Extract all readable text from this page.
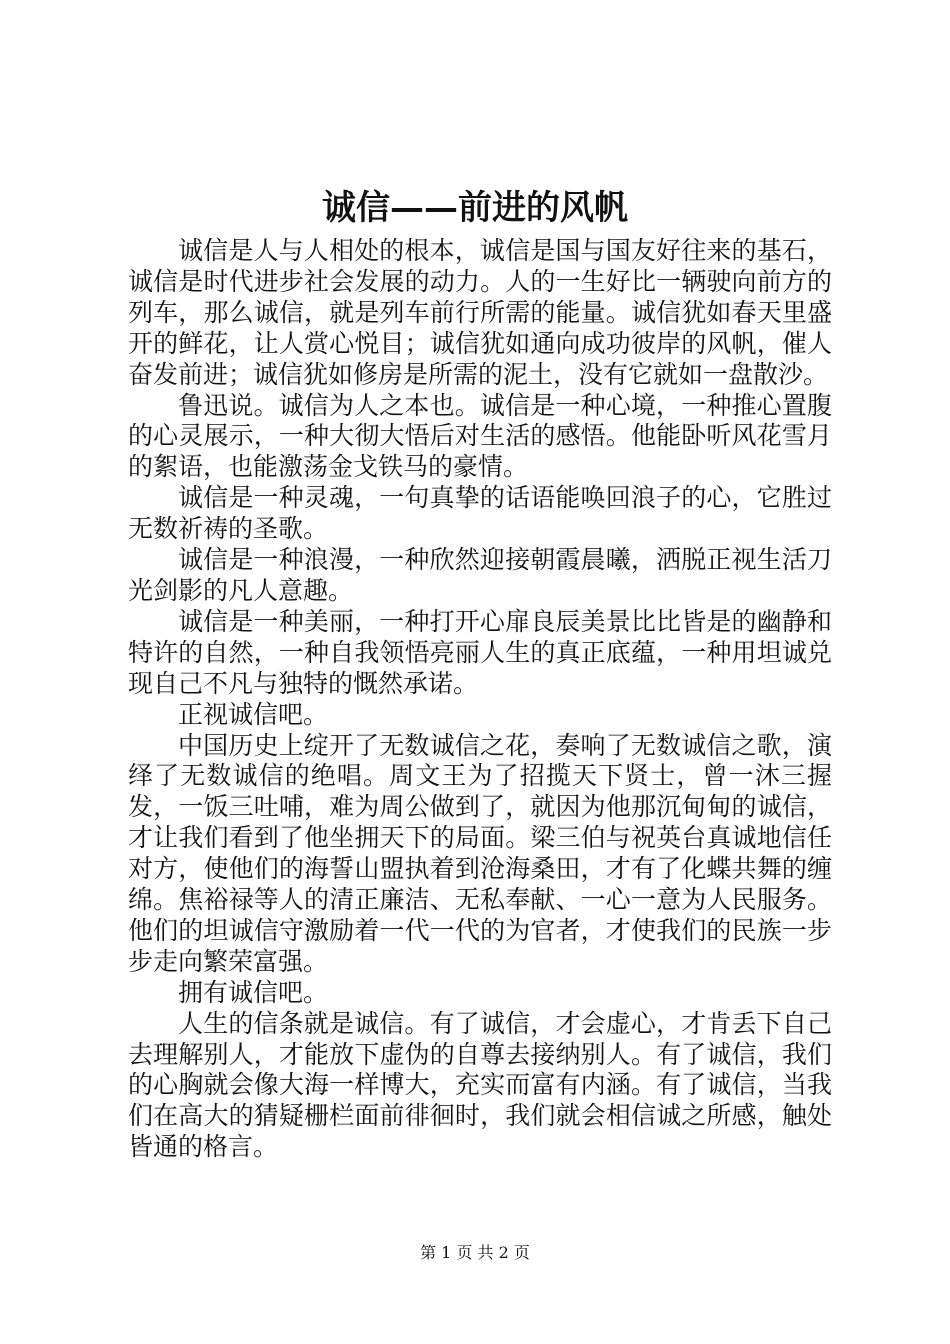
诚信——前进的风帆

诚信是人与人相处的根本，诚信是国与国友好往来的基石，诚信是时代进步社会发展的动力。人的一生好比一辆驶向前方的列车，那么诚信，就是列车前行所需的能量。诚信犹如春天里盛开的鲜花，让人赏心悦目；诚信犹如通向成功彼岸的风帆，催人奋发前进；诚信犹如修房是所需的泥土，没有它就如一盘散沙。

鲁迅说。诚信为人之本也。诚信是一种心境，一种推心置腹的心灵展示，一种大彻大悟后对生活的感悟。他能卧听风花雪月的絮语，也能激荡金戈铁马的豪情。

诚信是一种灵魂，一句真挚的话语能唤回浪子的心，它胜过无数祈祷的圣歌。

诚信是一种浪漫，一种欣然迎接朝霞晨曦，洒脱正视生活刀光剑影的凡人意趣。

诚信是一种美丽，一种打开心扉良辰美景比比皆是的幽静和特许的自然，一种自我领悟亮丽人生的真正底蕴，一种用坦诚兑现自己不凡与独特的慨然承诺。

正视诚信吧。

中国历史上绽开了无数诚信之花，奏响了无数诚信之歌，演绎了无数诚信的绝唱。周文王为了招揽天下贤士，曾一沐三握发，一饭三吐哺，难为周公做到了，就因为他那沉甸甸的诚信，才让我们看到了他坐拥天下的局面。梁三伯与祝英台真诚地信任对方，使他们的海誓山盟执着到沧海桑田，才有了化蝶共舞的缠绵。焦裕禄等人的清正廉洁、无私奉献、一心一意为人民服务。他们的坦诚信守激励着一代一代的为官者，才使我们的民族一步步走向繁荣富强。

拥有诚信吧。

人生的信条就是诚信。有了诚信，才会虚心，才肯丢下自己去理解别人，才能放下虚伪的自尊去接纳别人。有了诚信，我们的心胸就会像大海一样博大，充实而富有内涵。有了诚信，当我们在高大的猜疑栅栏面前徘徊时，我们就会相信诚之所感，触处皆通的格言。

第 1 页 共 2 页
